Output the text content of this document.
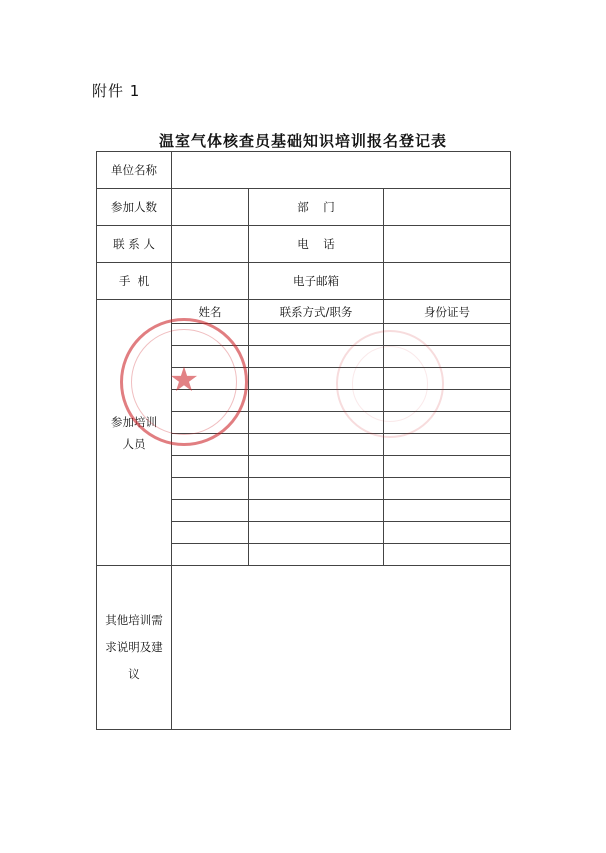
附件 1
温室气体核查员基础知识培训报名登记表
单位名称			
参加人数		部    门	
联 系 人		电    话	
手  机		电子邮箱	
参加培训人员	姓名	联系方式/职务	身份证号

其他培训需求说明及建议			
★
